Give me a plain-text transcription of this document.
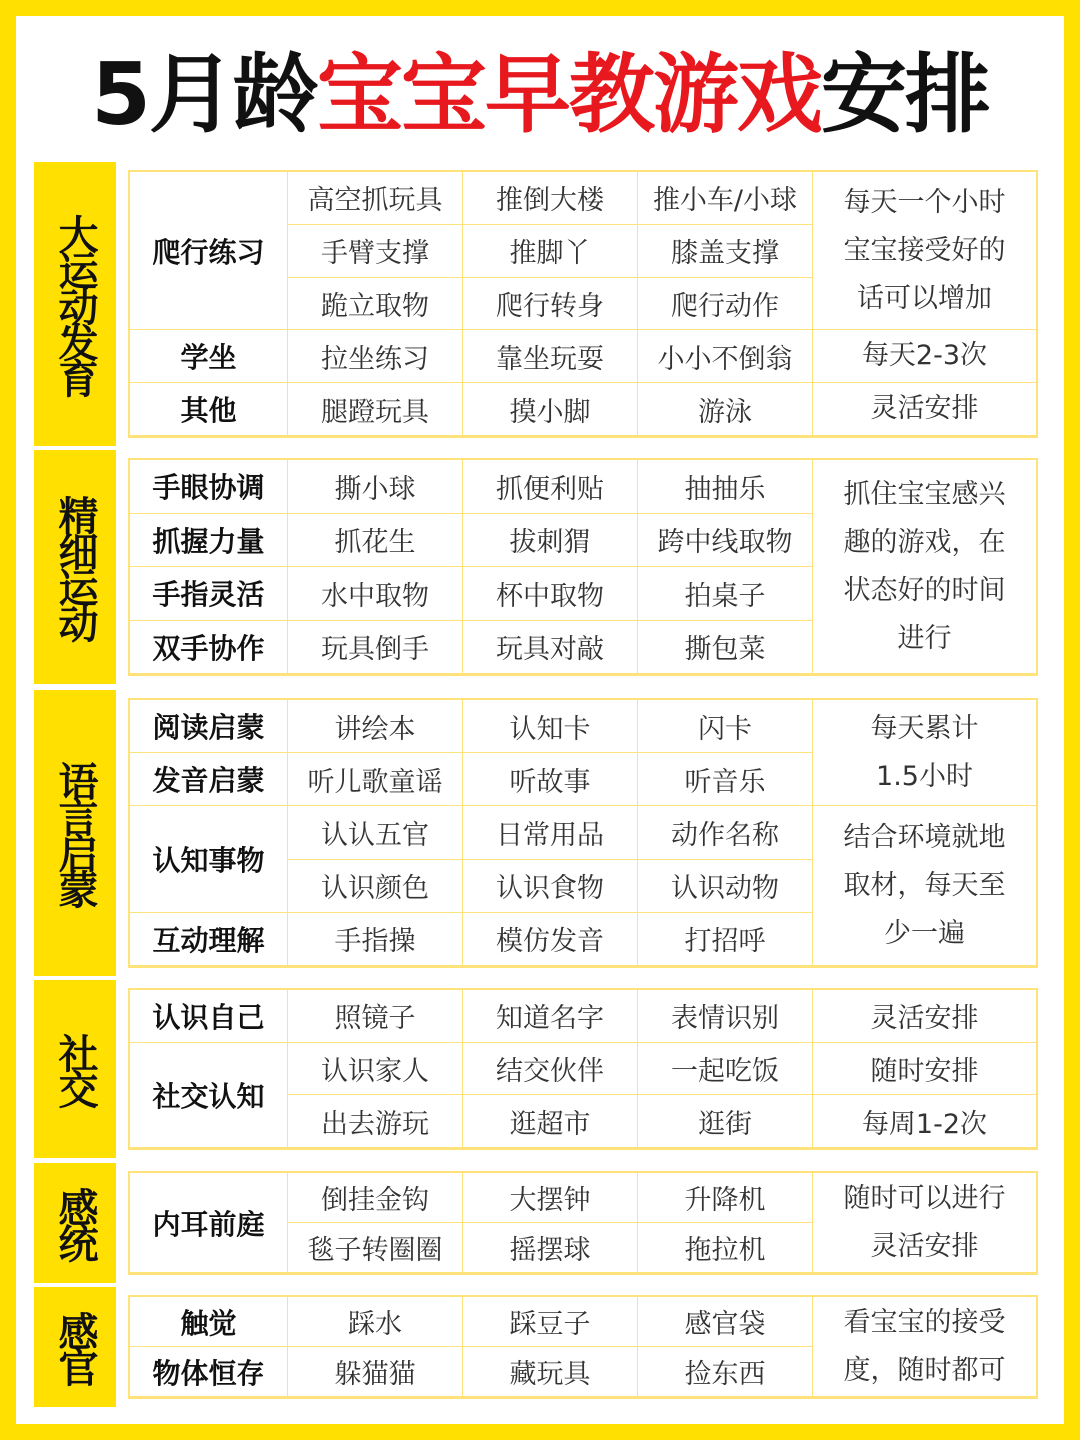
5月龄宝宝早教游戏安排
大运动发育	爬行练习
高空抓玩具	推倒大楼	推小车/小球	每天一个小时
宝宝接受好的
话可以增加
手臂支撑	推脚丫	膝盖支撑
跪立取物	爬行转身	爬行动作
学坐	拉坐练习	靠坐玩耍	小小不倒翁	每天2-3次
其他	腿蹬玩具	摸小脚	游泳	灵活安排
精细运动
手眼协调	撕小球	抓便利贴	抽抽乐	抓住宝宝感兴
趣的游戏，在
状态好的时间
进行
抓握力量	抓花生	拔刺猬	跨中线取物
手指灵活	水中取物	杯中取物	拍桌子
双手协作	玩具倒手	玩具对敲	撕包菜
语言启蒙
阅读启蒙	讲绘本	认知卡	闪卡	每天累计
1.5小时
发音启蒙	听儿歌童谣	听故事	听音乐
认知事物
认认五官	日常用品	动作名称	结合环境就地
取材，每天至
少一遍
认识颜色	认识食物	认识动物
互动理解	手指操	模仿发音	打招呼
社交
认识自己	照镜子	知道名字	表情识别	灵活安排
社交认知
认识家人	结交伙伴	一起吃饭	随时安排
出去游玩	逛超市	逛街	每周1-2次
感统	内耳前庭
倒挂金钩	大摆钟	升降机	随时可以进行
灵活安排
毯子转圈圈	摇摆球	拖拉机
感官	触觉	踩水	踩豆子	感官袋	看宝宝的接受
度，随时都可
物体恒存	躲猫猫	藏玩具	捡东西
